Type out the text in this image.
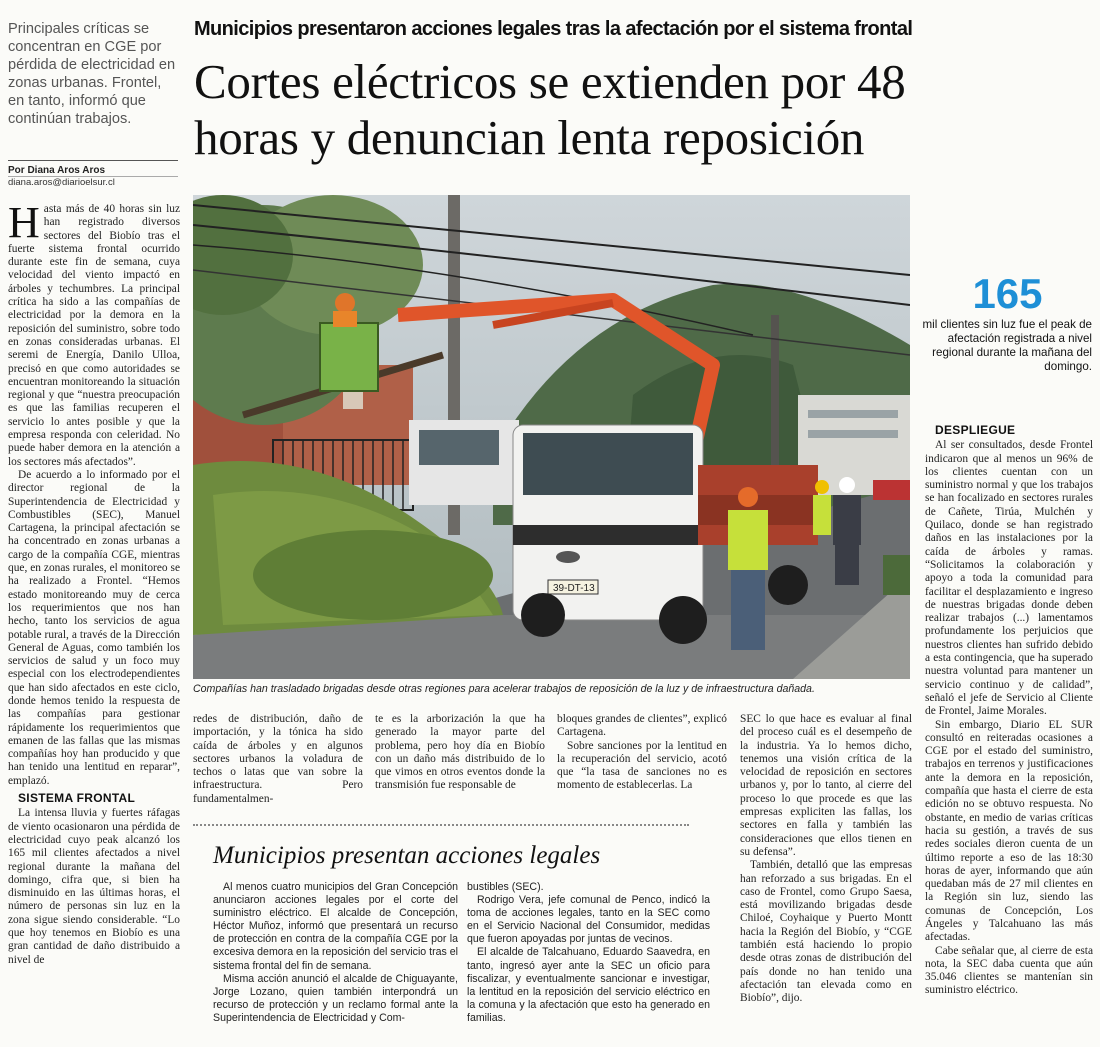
Principales críticas se concentran en CGE por pérdida de electricidad en zonas urbanas. Frontel, en tanto, informó que continúan trabajos.
Por Diana Aros Aros
diana.aros@diarioelsur.cl
Municipios presentaron acciones legales tras la afectación por el sistema frontal
Cortes eléctricos se extienden por 48
horas y denuncian lenta reposición
39-DT-13
Compañías han trasladado brigadas desde otras regiones para acelerar trabajos de reposición de la luz y de infraestructura dañada.
165
mil clientes sin luz fue el peak de afectación registrada a nivel regional durante la mañana del domingo.

Hasta más de 40 horas sin luz han registrado diversos sectores del Biobío tras el fuerte sistema frontal ocurrido durante este fin de semana, cuya velocidad del viento impactó en árboles y techumbres. La principal crítica ha sido a las compañías de electricidad por la demora en la reposición del suministro, sobre todo en zonas consideradas urbanas. El seremi de Energía, Danilo Ulloa, precisó en que como autoridades se encuentran monitoreando la situación regional y que “nuestra preocupación es que las familias recuperen el servicio lo antes posible y que la empresa responda con celeridad. No puede haber demora en la atención a los sectores más afectados”.

De acuerdo a lo informado por el director regional de la Superintendencia de Electricidad y Combustibles (SEC), Manuel Cartagena, la principal afectación se ha concentrado en zonas urbanas a cargo de la compañía CGE, mientras que, en zonas rurales, el monitoreo se ha realizado a Frontel. “Hemos estado monitoreando muy de cerca los requerimientos que nos han hecho, tanto los servicios de agua potable rural, a través de la Dirección General de Aguas, como también los servicios de salud y un foco muy especial con los electrodependientes que han sido afectados en este ciclo, donde hemos tenido la respuesta de las compañías para gestionar rápidamente los requerimientos que emanen de las fallas que las mismas compañías hoy han producido y que han tenido una lentitud en reparar”, emplazó.

SISTEMA FRONTAL

La intensa lluvia y fuertes ráfagas de viento ocasionaron una pérdida de electricidad cuyo peak alcanzó los 165 mil clientes afectados a nivel regional durante la mañana del domingo, cifra que, si bien ha disminuido en las últimas horas, el número de personas sin luz en la zona sigue siendo considerable. “Lo que hoy tenemos en Biobío es una gran cantidad de daño distribuido a nivel de

redes de distribución, daño de importación, y la tónica ha sido caída de árboles y en algunos sectores urbanos la voladura de techos o latas que van sobre la infraestructura. Pero fundamentalmen-

te es la arborización la que ha generado la mayor parte del problema, pero hoy día en Biobío con un daño más distribuido de lo que vimos en otros eventos donde la transmisión fue responsable de

bloques grandes de clientes”, explicó Cartagena.

Sobre sanciones por la lentitud en la recuperación del servicio, acotó que “la tasa de sanciones no es momento de establecerlas. La

SEC lo que hace es evaluar al final del proceso cuál es el desempeño de la industria. Ya lo hemos dicho, tenemos una visión crítica de la velocidad de reposición en sectores urbanos y, por lo tanto, al cierre del proceso lo que procede es que las empresas expliciten las fallas, los sectores en falla y también las consideraciones que ellos tienen en su defensa”.

También, detalló que las empresas han reforzado a sus brigadas. En el caso de Frontel, como Grupo Saesa, está movilizando brigadas desde Chiloé, Coyhaique y Puerto Montt hacia la Región del Biobío, y “CGE también está haciendo lo propio desde otras zonas de distribución del país donde no han tenido una afectación tan elevada como en Biobío”, dijo.

DESPLIEGUE

Al ser consultados, desde Frontel indicaron que al menos un 96% de los clientes cuentan con un suministro normal y que los trabajos se han focalizado en sectores rurales de Cañete, Tirúa, Mulchén y Quilaco, donde se han registrado daños en las instalaciones por la caída de árboles y ramas. “Solicitamos la colaboración y apoyo a toda la comunidad para facilitar el desplazamiento e ingreso de nuestras brigadas donde deben realizar trabajos (...) lamentamos profundamente los perjuicios que nuestros clientes han sufrido debido a esta contingencia, que ha superado nuestra voluntad para mantener un servicio continuo y de calidad”, señaló el jefe de Servicio al Cliente de Frontel, Jaime Morales.

Sin embargo, Diario EL SUR consultó en reiteradas ocasiones a CGE por el estado del suministro, trabajos en terrenos y justificaciones ante la demora en la reposición, compañía que hasta el cierre de esta edición no se obtuvo respuesta. No obstante, en medio de varias críticas hacia su gestión, a través de sus redes sociales dieron cuenta de un último reporte a eso de las 18:30 horas de ayer, informando que aún quedaban más de 27 mil clientes en la Región sin luz, siendo las comunas de Concepción, Los Ángeles y Talcahuano las más afectadas.

Cabe señalar que, al cierre de esta nota, la SEC daba cuenta que aún 35.046 clientes se mantenían sin suministro eléctrico.

Municipios presentan acciones legales

Al menos cuatro municipios del Gran Concepción anunciaron acciones legales por el corte del suministro eléctrico. El alcalde de Concepción, Héctor Muñoz, informó que presentará un recurso de protección en contra de la compañía CGE por la excesiva demora en la reposición del servicio tras el sistema frontal del fin de semana.

Misma acción anunció el alcalde de Chiguayante, Jorge Lozano, quien también interpondrá un recurso de protección y un reclamo formal ante la Superintendencia de Electricidad y Com-

bustibles (SEC).

Rodrigo Vera, jefe comunal de Penco, indicó la toma de acciones legales, tanto en la SEC como en el Servicio Nacional del Consumidor, medidas que fueron apoyadas por juntas de vecinos.

El alcalde de Talcahuano, Eduardo Saavedra, en tanto, ingresó ayer ante la SEC un oficio para fiscalizar, y eventualmente sancionar e investigar, la lentitud en la reposición del servicio eléctrico en la comuna y la afectación que esto ha generado en familias.
